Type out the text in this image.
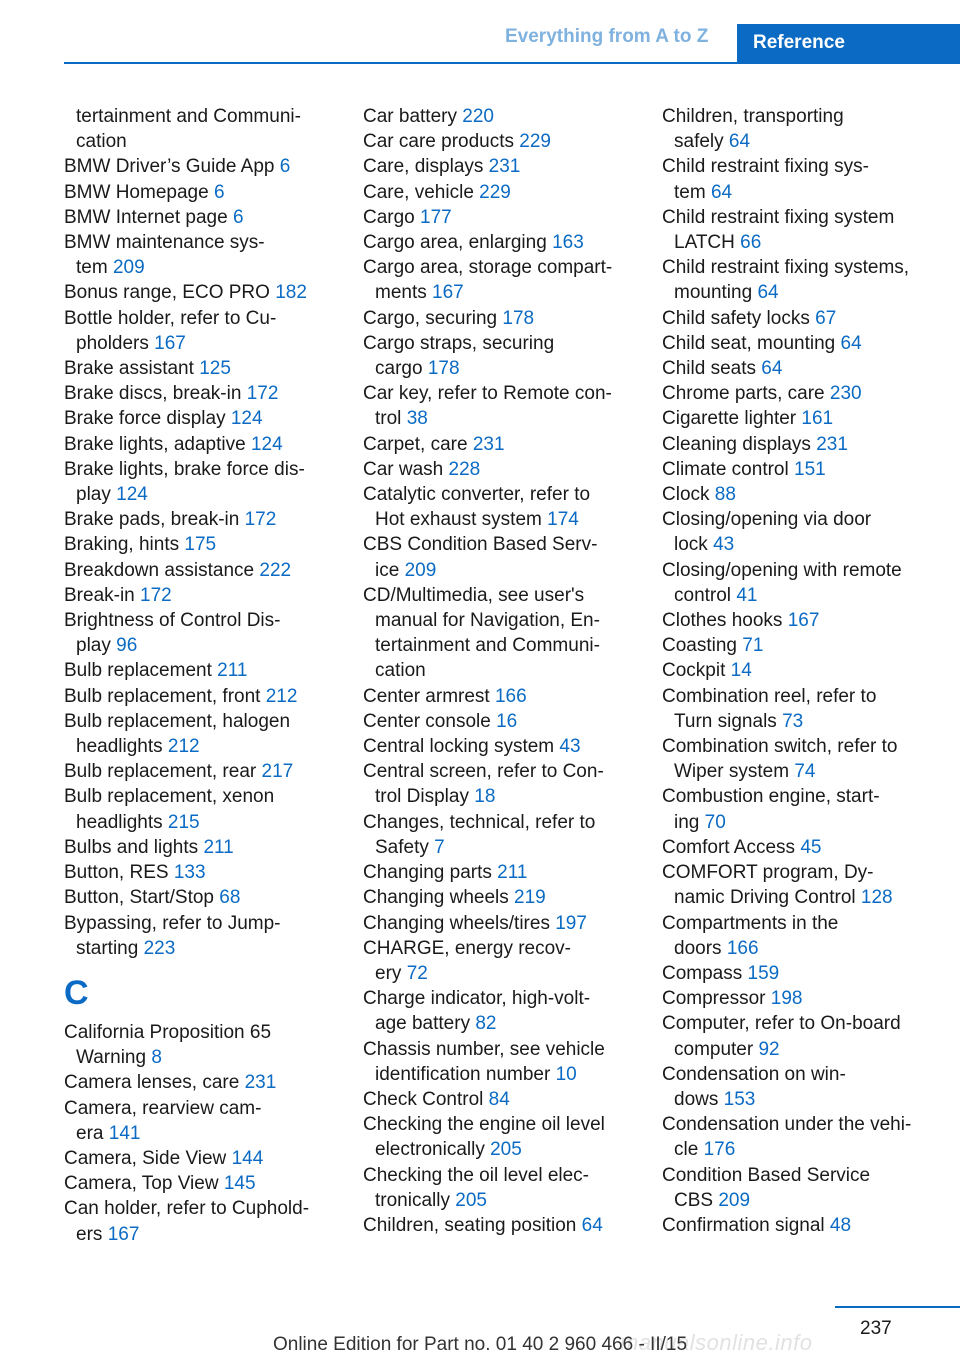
Everything from A to Z	Reference
tertainment and Communi-
cation
BMW Driver’s Guide App 6
BMW Homepage 6
BMW Internet page 6
BMW maintenance sys-
tem 209
Bonus range, ECO PRO 182
Bottle holder, refer to Cu-
pholders 167
Brake assistant 125
Brake discs, break-in 172
Brake force display 124
Brake lights, adaptive 124
Brake lights, brake force dis-
play 124
Brake pads, break-in 172
Braking, hints 175
Breakdown assistance 222
Break-in 172
Brightness of Control Dis-
play 96
Bulb replacement 211
Bulb replacement, front 212
Bulb replacement, halogen
headlights 212
Bulb replacement, rear 217
Bulb replacement, xenon
headlights 215
Bulbs and lights 211
Button, RES 133
Button, Start/Stop 68
Bypassing, refer to Jump-
starting 223
C
California Proposition 65
Warning 8
Camera lenses, care 231
Camera, rearview cam-
era 141
Camera, Side View 144
Camera, Top View 145
Can holder, refer to Cuphold-
ers 167
Car battery 220
Car care products 229
Care, displays 231
Care, vehicle 229
Cargo 177
Cargo area, enlarging 163
Cargo area, storage compart-
ments 167
Cargo, securing 178
Cargo straps, securing
cargo 178
Car key, refer to Remote con-
trol 38
Carpet, care 231
Car wash 228
Catalytic converter, refer to
Hot exhaust system 174
CBS Condition Based Serv-
ice 209
CD/Multimedia, see user's
manual for Navigation, En-
tertainment and Communi-
cation
Center armrest 166
Center console 16
Central locking system 43
Central screen, refer to Con-
trol Display 18
Changes, technical, refer to
Safety 7
Changing parts 211
Changing wheels 219
Changing wheels/tires 197
CHARGE, energy recov-
ery 72
Charge indicator, high-volt-
age battery 82
Chassis number, see vehicle
identification number 10
Check Control 84
Checking the engine oil level
electronically 205
Checking the oil level elec-
tronically 205
Children, seating position 64
Children, transporting
safely 64
Child restraint fixing sys-
tem 64
Child restraint fixing system
LATCH 66
Child restraint fixing systems,
mounting 64
Child safety locks 67
Child seat, mounting 64
Child seats 64
Chrome parts, care 230
Cigarette lighter 161
Cleaning displays 231
Climate control 151
Clock 88
Closing/opening via door
lock 43
Closing/opening with remote
control 41
Clothes hooks 167
Coasting 71
Cockpit 14
Combination reel, refer to
Turn signals 73
Combination switch, refer to
Wiper system 74
Combustion engine, start-
ing 70
Comfort Access 45
COMFORT program, Dy-
namic Driving Control 128
Compartments in the
doors 166
Compass 159
Compressor 198
Computer, refer to On-board
computer 92
Condensation on win-
dows 153
Condensation under the vehi-
cle 176
Condition Based Service
CBS 209
Confirmation signal 48
237
manualsonline.info
Online Edition for Part no. 01 40 2 960 466 - II/15
